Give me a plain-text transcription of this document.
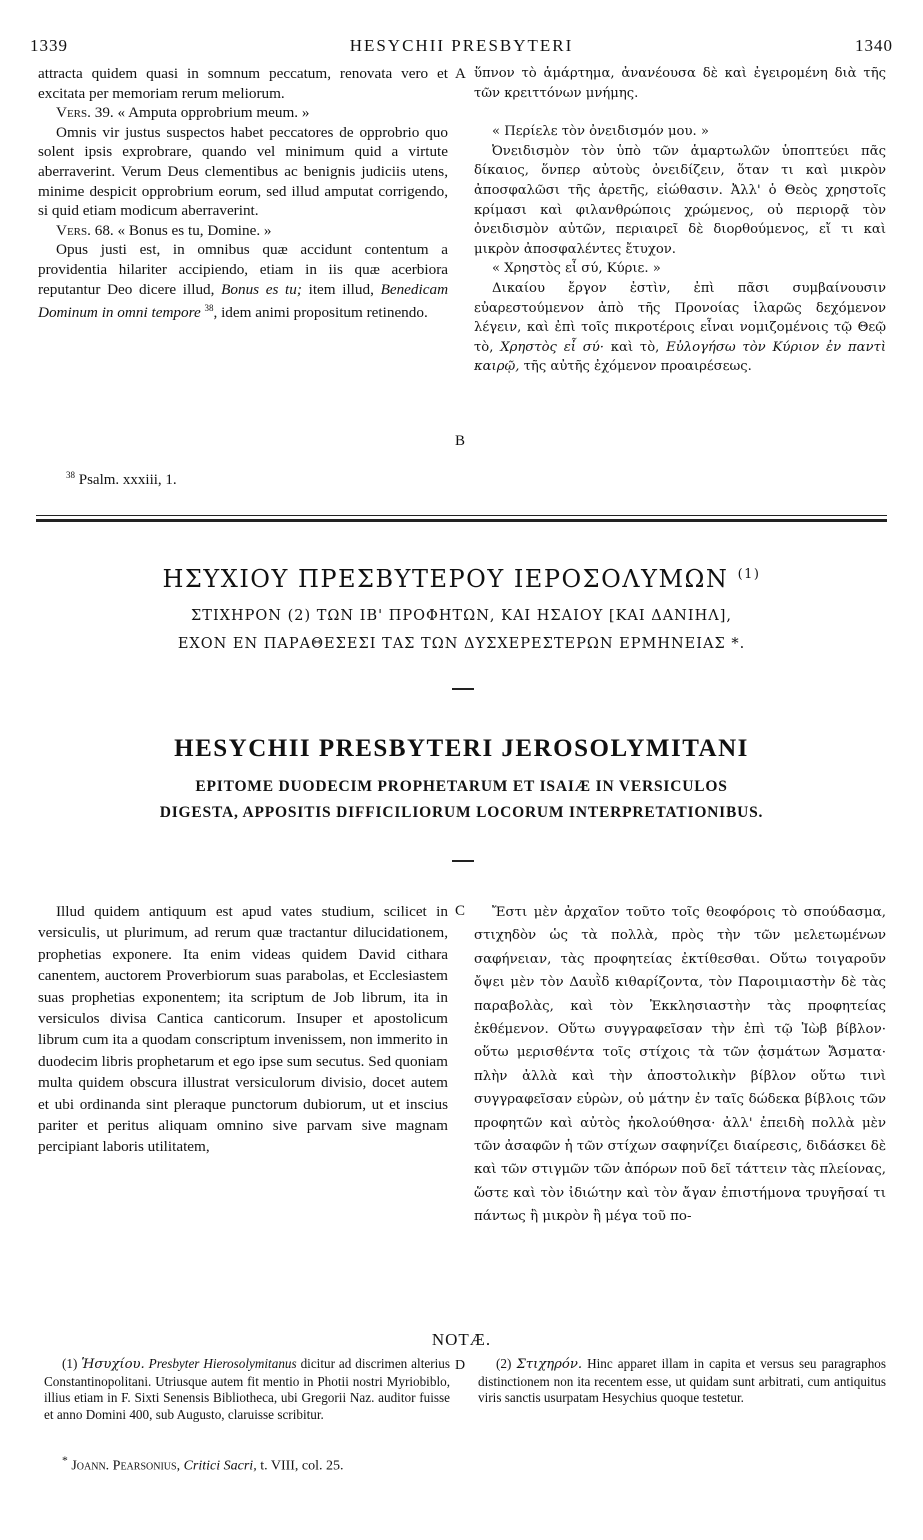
1339	HESYCHII PRESBYTERI	1340

attracta quidem quasi in somnum peccatum, renovata vero et excitata per memoriam rerum meliorum.

Vers. 39. « Amputa opprobrium meum. »

Omnis vir justus suspectos habet peccatores de opprobrio quo solent ipsis exprobrare, quando vel minimum quid a virtute aberraverint. Verum Deus clementibus ac benignis judiciis utens, minime despicit opprobrium eorum, sed illud amputat corrigendo, si quid etiam modicum aberraverint.

Vers. 68. « Bonus es tu, Domine. »

Opus justi est, in omnibus quæ accidunt contentum a providentia hilariter accipiendo, etiam in iis quæ acerbiora reputantur Deo dicere illud, Bonus es tu; item illud, Benedicam Dominum in omni tempore $^{38}$, idem animi propositum retinendo.

$^{38}$ Psalm. xxxiii, 1.
A
B

ὕπνον τὸ ἁμάρτημα, ἀνανέουσα δὲ καὶ ἐγειρομένη διὰ τῆς τῶν κρειττόνων μνήμης.

« Περίελε τὸν ὀνειδισμόν μου. »

Ὀνειδισμὸν τὸν ὑπὸ τῶν ἁμαρτωλῶν ὑποπτεύει πᾶς δίκαιος, ὅνπερ αὐτοὺς ὀνειδίζειν, ὅταν τι καὶ μικρὸν ἀποσφαλῶσι τῆς ἀρετῆς, εἰώθασιν. Ἀλλ' ὁ Θεὸς χρηστοῖς κρίμασι καὶ φιλανθρώποις χρώμενος, οὐ περιορᾷ τὸν ὀνειδισμὸν αὐτῶν, περιαιρεῖ δὲ διορθούμενος, εἴ τι καὶ μικρὸν ἀποσφαλέντες ἔτυχον.

« Χρηστὸς εἶ σύ, Κύριε. »

Δικαίου ἔργον ἐστὶν, ἐπὶ πᾶσι συμβαίνουσιν εὐαρεστούμενον ἀπὸ τῆς Προνοίας ἱλαρῶς δεχόμενον λέγειν, καὶ ἐπὶ τοῖς πικροτέροις εἶναι νομιζομένοις τῷ Θεῷ τὸ, Χρηστὸς εἶ σύ· καὶ τὸ, Εὐλογήσω τὸν Κύριον ἐν παντὶ καιρῷ, τῆς αὐτῆς ἐχόμενον προαιρέσεως.

ΗΣΥΧΙΟΥ ΠΡΕΣΒΥΤΕΡΟΥ ΙΕΡΟΣΟΛΥΜΩΝ $^{(1)}$
ΣΤΙΧΗΡΟΝ (2) ΤΩΝ ΙΒ' ΠΡΟΦΗΤΩΝ, ΚΑΙ ΗΣΑΙΟΥ [ΚΑΙ ΔΑΝΙΗΛ],
ΕΧΟΝ ΕΝ ΠΑΡΑΘΕΣΕΣΙ ΤΑΣ ΤΩΝ ΔΥΣΧΕΡΕΣΤΕΡΩΝ ΕΡΜΗΝΕΙΑΣ *.
HESYCHII PRESBYTERI JEROSOLYMITANI
EPITOME DUODECIM PROPHETARUM ET ISAIÆ IN VERSICULOS
DIGESTA, APPOSITIS DIFFICILIORUM LOCORUM INTERPRETATIONIBUS.

Illud quidem antiquum est apud vates studium, scilicet in versiculis, ut plurimum, ad rerum quæ tractantur dilucidationem, prophetias exponere. Ita enim videas quidem David cithara canentem, auctorem Proverbiorum suas parabolas, et Ecclesiastem suas prophetias exponentem; ita scriptum de Job librum, ita in versiculos divisa Cantica canticorum. Insuper et apostolicum librum cum ita a quodam conscriptum invenissem, non immerito in duodecim libris prophetarum et ego ipse sum secutus. Sed quoniam multa quidem obscura illustrat versiculorum divisio, docet autem et ubi ordinanda sint pleraque punctorum dubiorum, ut et inscius pariter et peritus aliquam omnino sive parvam sive magnam percipiant laboris utilitatem,

C	Ἔστι μὲν ἀρχαῖον τοῦτο τοῖς θεοφόροις τὸ σπούδασμα, στιχηδὸν ὡς τὰ πολλὰ, πρὸς τὴν τῶν μελετωμένων σαφήνειαν, τὰς προφητείας ἐκτίθεσθαι. Οὕτω τοιγαροῦν ὄψει μὲν τὸν Δαυῒδ κιθαρίζοντα, τὸν Παροιμιαστὴν δὲ τὰς παραβολὰς, καὶ τὸν Ἐκκλησιαστὴν τὰς προφητείας ἐκθέμενον. Οὕτω συγγραφεῖσαν τὴν ἐπὶ τῷ Ἰὼβ βίβλον· οὕτω μερισθέντα τοῖς στίχοις τὰ τῶν ᾀσμάτων Ἄσματα· πλὴν ἀλλὰ καὶ τὴν ἀποστολικὴν βίβλον οὕτω τινὶ συγγραφεῖσαν εὑρὼν, οὐ μάτην ἐν ταῖς δώδεκα βίβλοις τῶν προφητῶν καὶ αὐτὸς ἠκολούθησα· ἀλλ' ἐπειδὴ πολλὰ μὲν τῶν ἀσαφῶν ἡ τῶν στίχων σαφηνίζει διαίρεσις, διδάσκει δὲ καὶ τῶν στιγμῶν τῶν ἀπόρων ποῦ δεῖ τάττειν τὰς πλείονας, ὥστε καὶ τὸν ἰδιώτην καὶ τὸν ἄγαν ἐπιστήμονα τρυγῆσαί τι πάντως ἢ μικρὸν ἢ μέγα τοῦ πο-

NOTÆ.

(1) Ἡσυχίου. Presbyter Hierosolymitanus dicitur ad discrimen alterius Constantinopolitani. Utriusque autem fit mentio in Photii nostri Myriobiblo, illius etiam in F. Sixti Senensis Bibliotheca, ubi Gregorii Naz. auditor fuisse et anno Domini 400, sub Augusto, claruisse scribitur.

D	(2) Στιχηρόν. Hinc apparet illam in capita et versus seu paragraphos distinctionem non ita recentem esse, ut quidam sunt arbitrati, cum antiquitus viris sanctis usurpatam Hesychius quoque testetur.

* Joann. Pearsonius, Critici Sacri, t. VIII, col. 25.
